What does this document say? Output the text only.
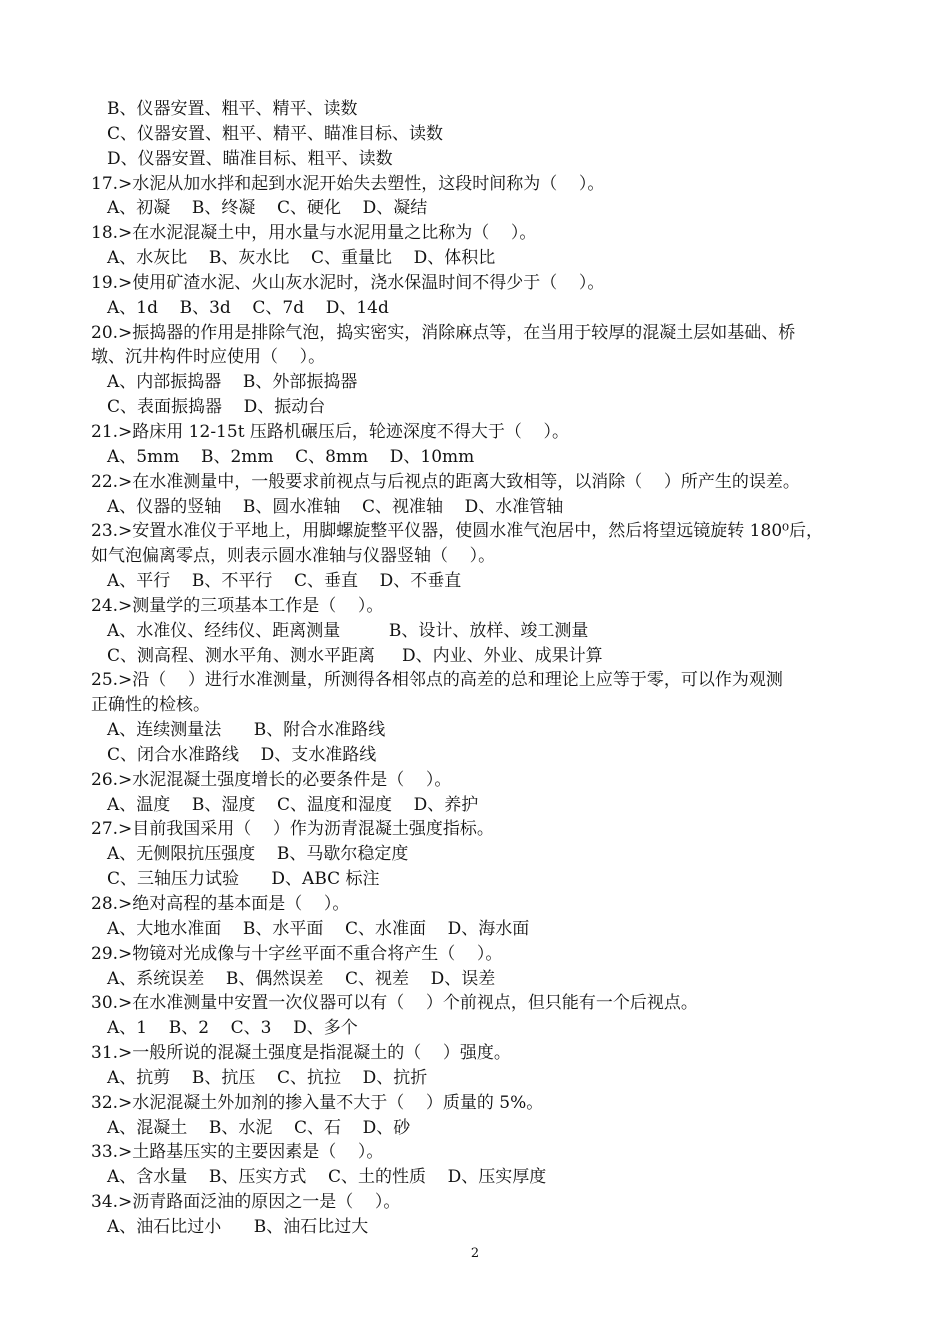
B、仪器安置、粗平、精平、读数
C、仪器安置、粗平、精平、瞄准目标、读数
D、仪器安置、瞄准目标、粗平、读数
17.>水泥从加水拌和起到水泥开始失去塑性，这段时间称为（    ）。
A、初凝    B、终凝    C、硬化    D、凝结
18.>在水泥混凝土中，用水量与水泥用量之比称为（    ）。
A、水灰比    B、灰水比    C、重量比    D、体积比
19.>使用矿渣水泥、火山灰水泥时，浇水保温时间不得少于（    ）。
A、1d    B、3d    C、7d    D、14d
20.>振捣器的作用是排除气泡，捣实密实，消除麻点等，在当用于较厚的混凝土层如基础、桥
墩、沉井构件时应使用（    ）。
A、内部振捣器    B、外部振捣器
C、表面振捣器    D、振动台
21.>路床用 12-15t 压路机碾压后，轮迹深度不得大于（    ）。
A、5mm    B、2mm    C、8mm    D、10mm
22.>在水准测量中，一般要求前视点与后视点的距离大致相等，以消除（    ）所产生的误差。
A、仪器的竖轴    B、圆水准轴    C、视准轴    D、水准管轴
23.>安置水准仪于平地上，用脚螺旋整平仪器，使圆水准气泡居中，然后将望远镜旋转 180⁰后，
如气泡偏离零点，则表示圆水准轴与仪器竖轴（    ）。
A、平行    B、不平行    C、垂直    D、不垂直
24.>测量学的三项基本工作是（    ）。
A、水准仪、经纬仪、距离测量         B、设计、放样、竣工测量
C、测高程、测水平角、测水平距离     D、内业、外业、成果计算
25.>沿（    ）进行水准测量，所测得各相邻点的高差的总和理论上应等于零，可以作为观测
正确性的检核。
A、连续测量法      B、附合水准路线
C、闭合水准路线    D、支水准路线
26.>水泥混凝土强度增长的必要条件是（    ）。
A、温度    B、湿度    C、温度和湿度    D、养护
27.>目前我国采用（    ）作为沥青混凝土强度指标。
A、无侧限抗压强度    B、马歇尔稳定度
C、三轴压力试验      D、ABC 标注
28.>绝对高程的基本面是（    ）。
A、大地水准面    B、水平面    C、水准面    D、海水面
29.>物镜对光成像与十字丝平面不重合将产生（    ）。
A、系统误差    B、偶然误差    C、视差    D、误差
30.>在水准测量中安置一次仪器可以有（    ）个前视点，但只能有一个后视点。
A、1    B、2    C、3    D、多个
31.>一般所说的混凝土强度是指混凝土的（    ）强度。
A、抗剪    B、抗压    C、抗拉    D、抗折
32.>水泥混凝土外加剂的掺入量不大于（    ）质量的 5%。
A、混凝土    B、水泥    C、石    D、砂
33.>土路基压实的主要因素是（    ）。
A、含水量    B、压实方式    C、土的性质    D、压实厚度
34.>沥青路面泛油的原因之一是（    ）。
A、油石比过小      B、油石比过大
2
